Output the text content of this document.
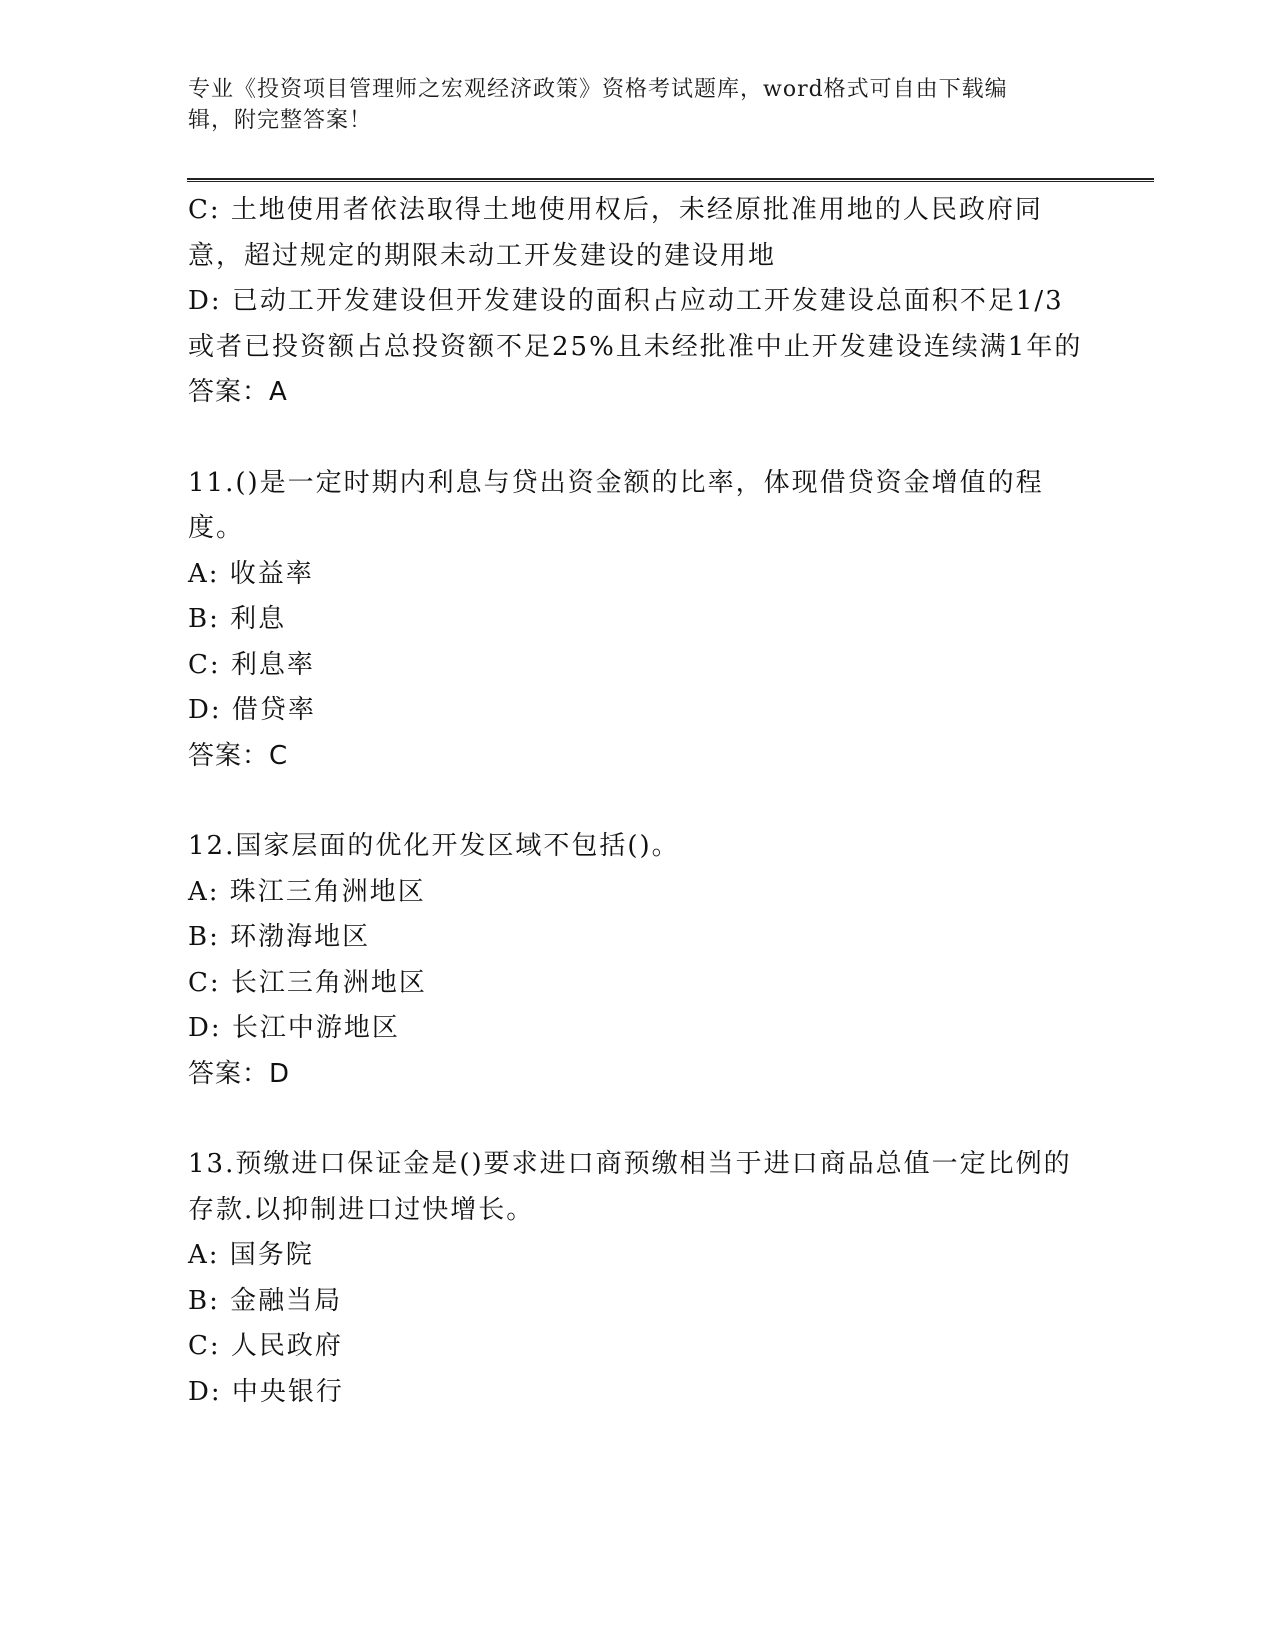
专业《投资项目管理师之宏观经济政策》资格考试题库，word格式可自由下载编
辑，附完整答案！

C: 土地使用者依法取得土地使用权后，未经原批准用地的人民政府同意，超过规定的期限未动工开发建设的建设用地

D: 已动工开发建设但开发建设的面积占应动工开发建设总面积不足1/3或者已投资额占总投资额不足25%且未经批准中止开发建设连续满1年的

答案：A

11.()是一定时期内利息与贷出资金额的比率，体现借贷资金增值的程度。

A: 收益率

B: 利息

C: 利息率

D: 借贷率

答案：C

12.国家层面的优化开发区域不包括()。

A: 珠江三角洲地区

B: 环渤海地区

C: 长江三角洲地区

D: 长江中游地区

答案：D

13.预缴进口保证金是()要求进口商预缴相当于进口商品总值一定比例的存款.以抑制进口过快增长。

A: 国务院

B: 金融当局

C: 人民政府

D: 中央银行
